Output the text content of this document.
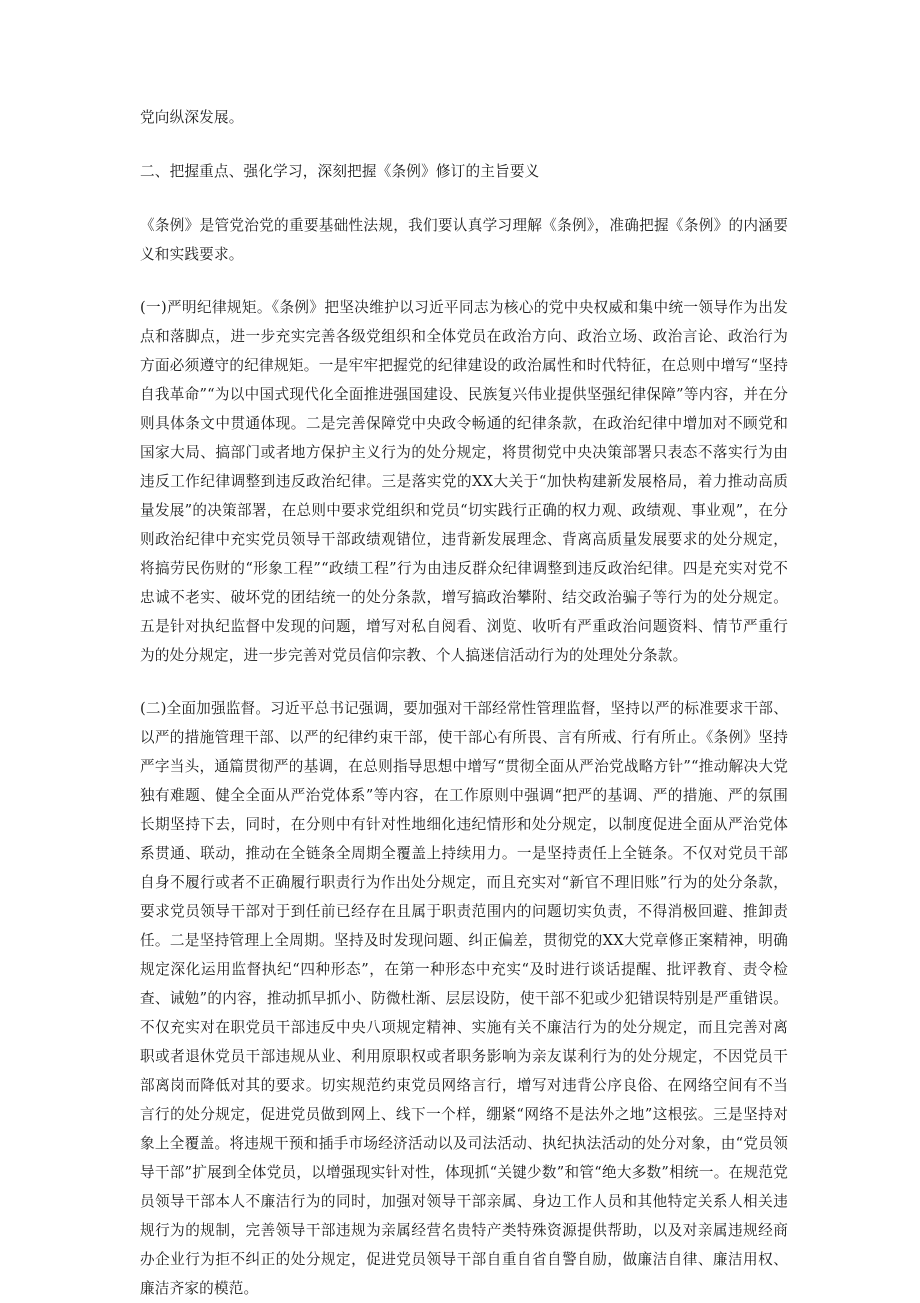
党向纵深发展。

二、把握重点、强化学习，深刻把握《条例》修订的主旨要义

《条例》是管党治党的重要基础性法规，我们要认真学习理解《条例》，准确把握《条例》的内涵要义和实践要求。

(一)严明纪律规矩。《条例》把坚决维护以习近平同志为核心的党中央权威和集中统一领导作为出发点和落脚点，进一步充实完善各级党组织和全体党员在政治方向、政治立场、政治言论、政治行为方面必须遵守的纪律规矩。一是牢牢把握党的纪律建设的政治属性和时代特征，在总则中增写“坚持自我革命”“为以中国式现代化全面推进强国建设、民族复兴伟业提供坚强纪律保障”等内容，并在分则具体条文中贯通体现。二是完善保障党中央政令畅通的纪律条款，在政治纪律中增加对不顾党和国家大局、搞部门或者地方保护主义行为的处分规定，将贯彻党中央决策部署只表态不落实行为由违反工作纪律调整到违反政治纪律。三是落实党的XX大关于“加快构建新发展格局，着力推动高质量发展”的决策部署，在总则中要求党组织和党员“切实践行正确的权力观、政绩观、事业观”，在分则政治纪律中充实党员领导干部政绩观错位，违背新发展理念、背离高质量发展要求的处分规定，将搞劳民伤财的“形象工程”“政绩工程”行为由违反群众纪律调整到违反政治纪律。四是充实对党不忠诚不老实、破坏党的团结统一的处分条款，增写搞政治攀附、结交政治骗子等行为的处分规定。五是针对执纪监督中发现的问题，增写对私自阅看、浏览、收听有严重政治问题资料、情节严重行为的处分规定，进一步完善对党员信仰宗教、个人搞迷信活动行为的处理处分条款。

(二)全面加强监督。习近平总书记强调，要加强对干部经常性管理监督，坚持以严的标准要求干部、以严的措施管理干部、以严的纪律约束干部，使干部心有所畏、言有所戒、行有所止。《条例》坚持严字当头，通篇贯彻严的基调，在总则指导思想中增写“贯彻全面从严治党战略方针”“推动解决大党独有难题、健全全面从严治党体系”等内容，在工作原则中强调“把严的基调、严的措施、严的氛围长期坚持下去，同时，在分则中有针对性地细化违纪情形和处分规定，以制度促进全面从严治党体系贯通、联动，推动在全链条全周期全覆盖上持续用力。一是坚持责任上全链条。不仅对党员干部自身不履行或者不正确履行职责行为作出处分规定，而且充实对“新官不理旧账”行为的处分条款，要求党员领导干部对于到任前已经存在且属于职责范围内的问题切实负责，不得消极回避、推卸责任。二是坚持管理上全周期。坚持及时发现问题、纠正偏差，贯彻党的XX大党章修正案精神，明确规定深化运用监督执纪“四种形态”，在第一种形态中充实“及时进行谈话提醒、批评教育、责令检查、诫勉”的内容，推动抓早抓小、防微杜渐、层层设防，使干部不犯或少犯错误特别是严重错误。不仅充实对在职党员干部违反中央八项规定精神、实施有关不廉洁行为的处分规定，而且完善对离职或者退休党员干部违规从业、利用原职权或者职务影响为亲友谋利行为的处分规定，不因党员干部离岗而降低对其的要求。切实规范约束党员网络言行，增写对违背公序良俗、在网络空间有不当言行的处分规定，促进党员做到网上、线下一个样，绷紧“网络不是法外之地”这根弦。三是坚持对象上全覆盖。将违规干预和插手市场经济活动以及司法活动、执纪执法活动的处分对象，由“党员领导干部”扩展到全体党员，以增强现实针对性，体现抓“关键少数”和管“绝大多数”相统一。在规范党员领导干部本人不廉洁行为的同时，加强对领导干部亲属、身边工作人员和其他特定关系人相关违规行为的规制，完善领导干部违规为亲属经营名贵特产类特殊资源提供帮助，以及对亲属违规经商办企业行为拒不纠正的处分规定，促进党员领导干部自重自省自警自励，做廉洁自律、廉洁用权、廉洁齐家的模范。
